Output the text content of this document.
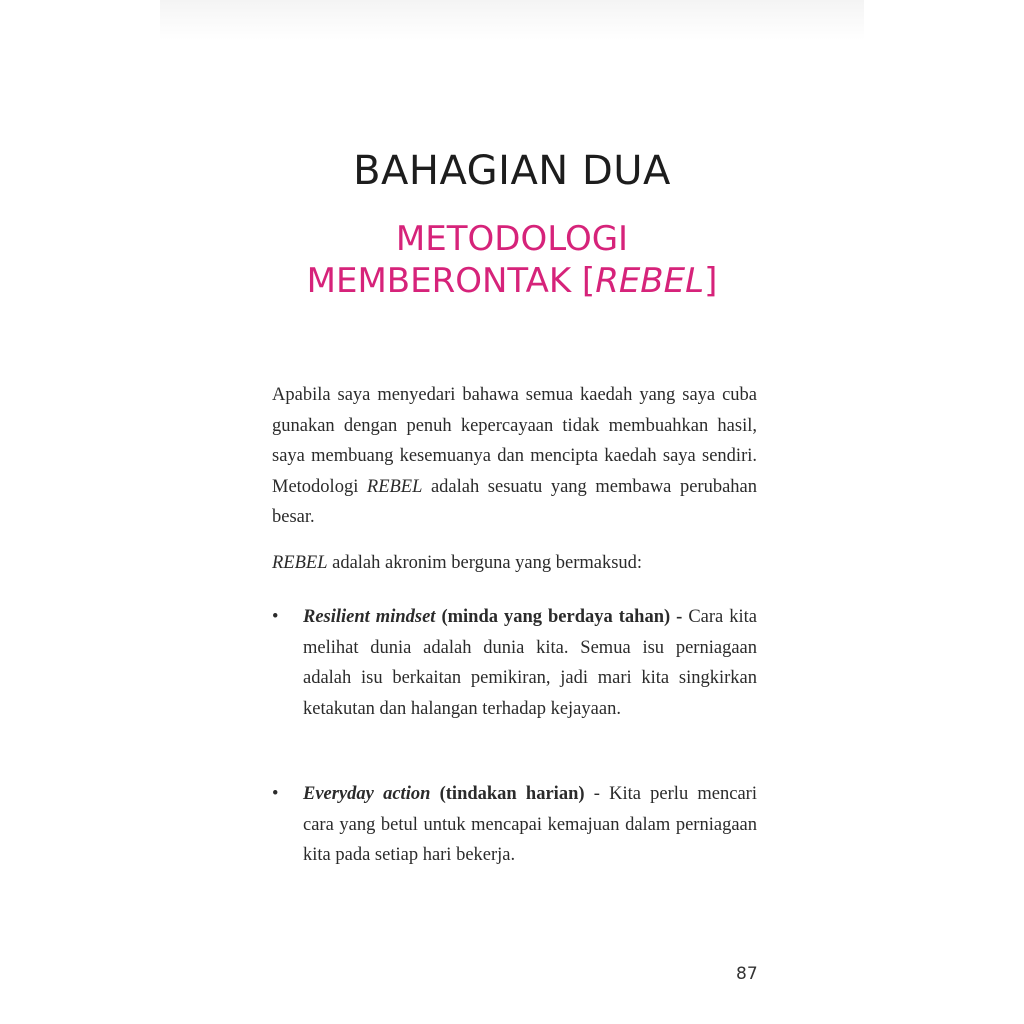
BAHAGIAN DUA
METODOLOGI
MEMBERONTAK [REBEL]
Apabila saya menyedari bahawa semua kaedah yang saya cuba gunakan dengan penuh kepercayaan tidak membuahkan hasil, saya membuang kesemuanya dan mencipta kaedah saya sendiri. Metodologi REBEL adalah sesuatu yang membawa perubahan besar.
REBEL adalah akronim berguna yang bermaksud:
•	Resilient mindset (minda yang berdaya tahan) - Cara kita melihat dunia adalah dunia kita. Semua isu perniagaan adalah isu berkaitan pemikiran, jadi mari kita singkirkan ketakutan dan halangan terhadap kejayaan.
•	Everyday action (tindakan harian) - Kita perlu mencari cara yang betul untuk mencapai kemajuan dalam perniagaan kita pada setiap hari bekerja.
87
